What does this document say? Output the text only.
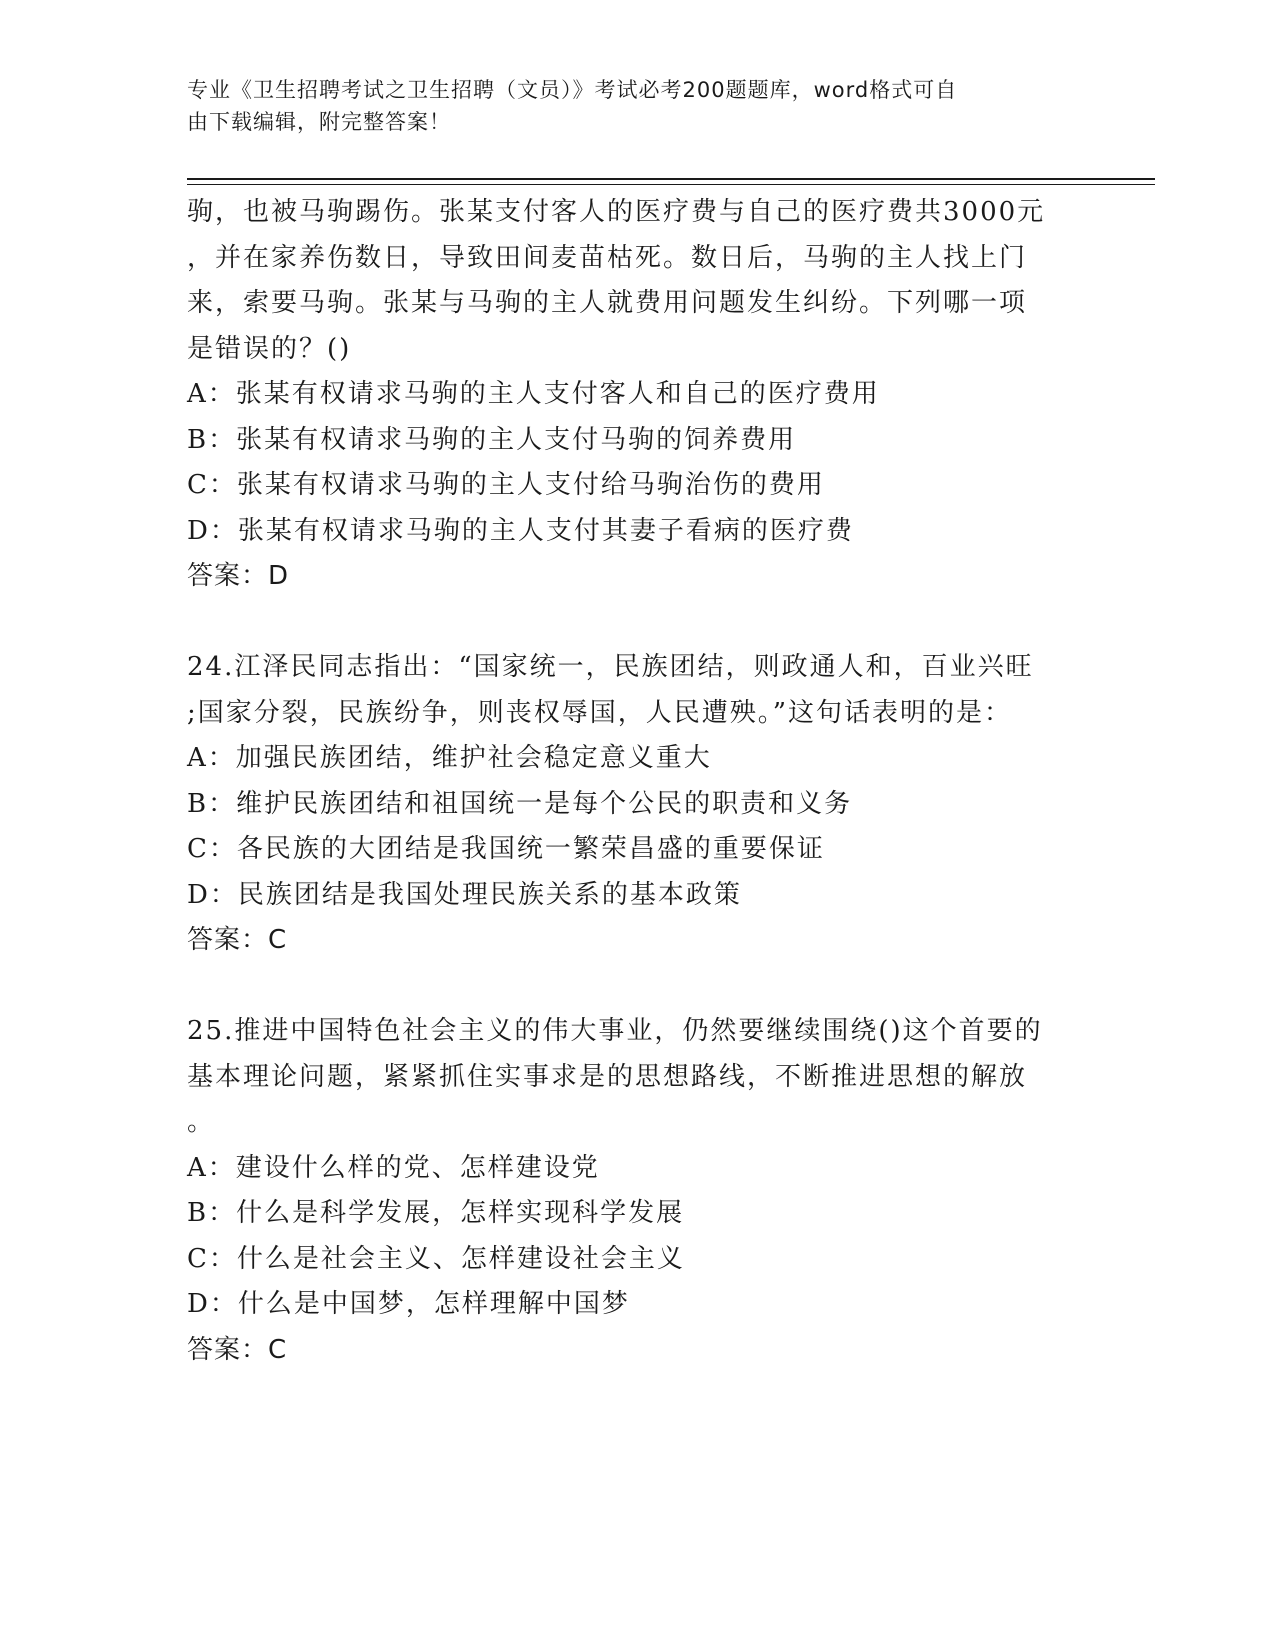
专业《卫生招聘考试之卫生招聘（文员）》考试必考200题题库，word格式可自
由下载编辑，附完整答案！
驹，也被马驹踢伤。张某支付客人的医疗费与自己的医疗费共3000元
，并在家养伤数日，导致田间麦苗枯死。数日后，马驹的主人找上门
来，索要马驹。张某与马驹的主人就费用问题发生纠纷。下列哪一项
是错误的？()
A：张某有权请求马驹的主人支付客人和自己的医疗费用
B：张某有权请求马驹的主人支付马驹的饲养费用
C：张某有权请求马驹的主人支付给马驹治伤的费用
D：张某有权请求马驹的主人支付其妻子看病的医疗费
答案：D
24.江泽民同志指出：“国家统一，民族团结，则政通人和，百业兴旺
;国家分裂，民族纷争，则丧权辱国，人民遭殃。”这句话表明的是：
A：加强民族团结，维护社会稳定意义重大
B：维护民族团结和祖国统一是每个公民的职责和义务
C：各民族的大团结是我国统一繁荣昌盛的重要保证
D：民族团结是我国处理民族关系的基本政策
答案：C
25.推进中国特色社会主义的伟大事业，仍然要继续围绕()这个首要的
基本理论问题，紧紧抓住实事求是的思想路线，不断推进思想的解放
。
A：建设什么样的党、怎样建设党
B：什么是科学发展，怎样实现科学发展
C：什么是社会主义、怎样建设社会主义
D：什么是中国梦，怎样理解中国梦
答案：C
